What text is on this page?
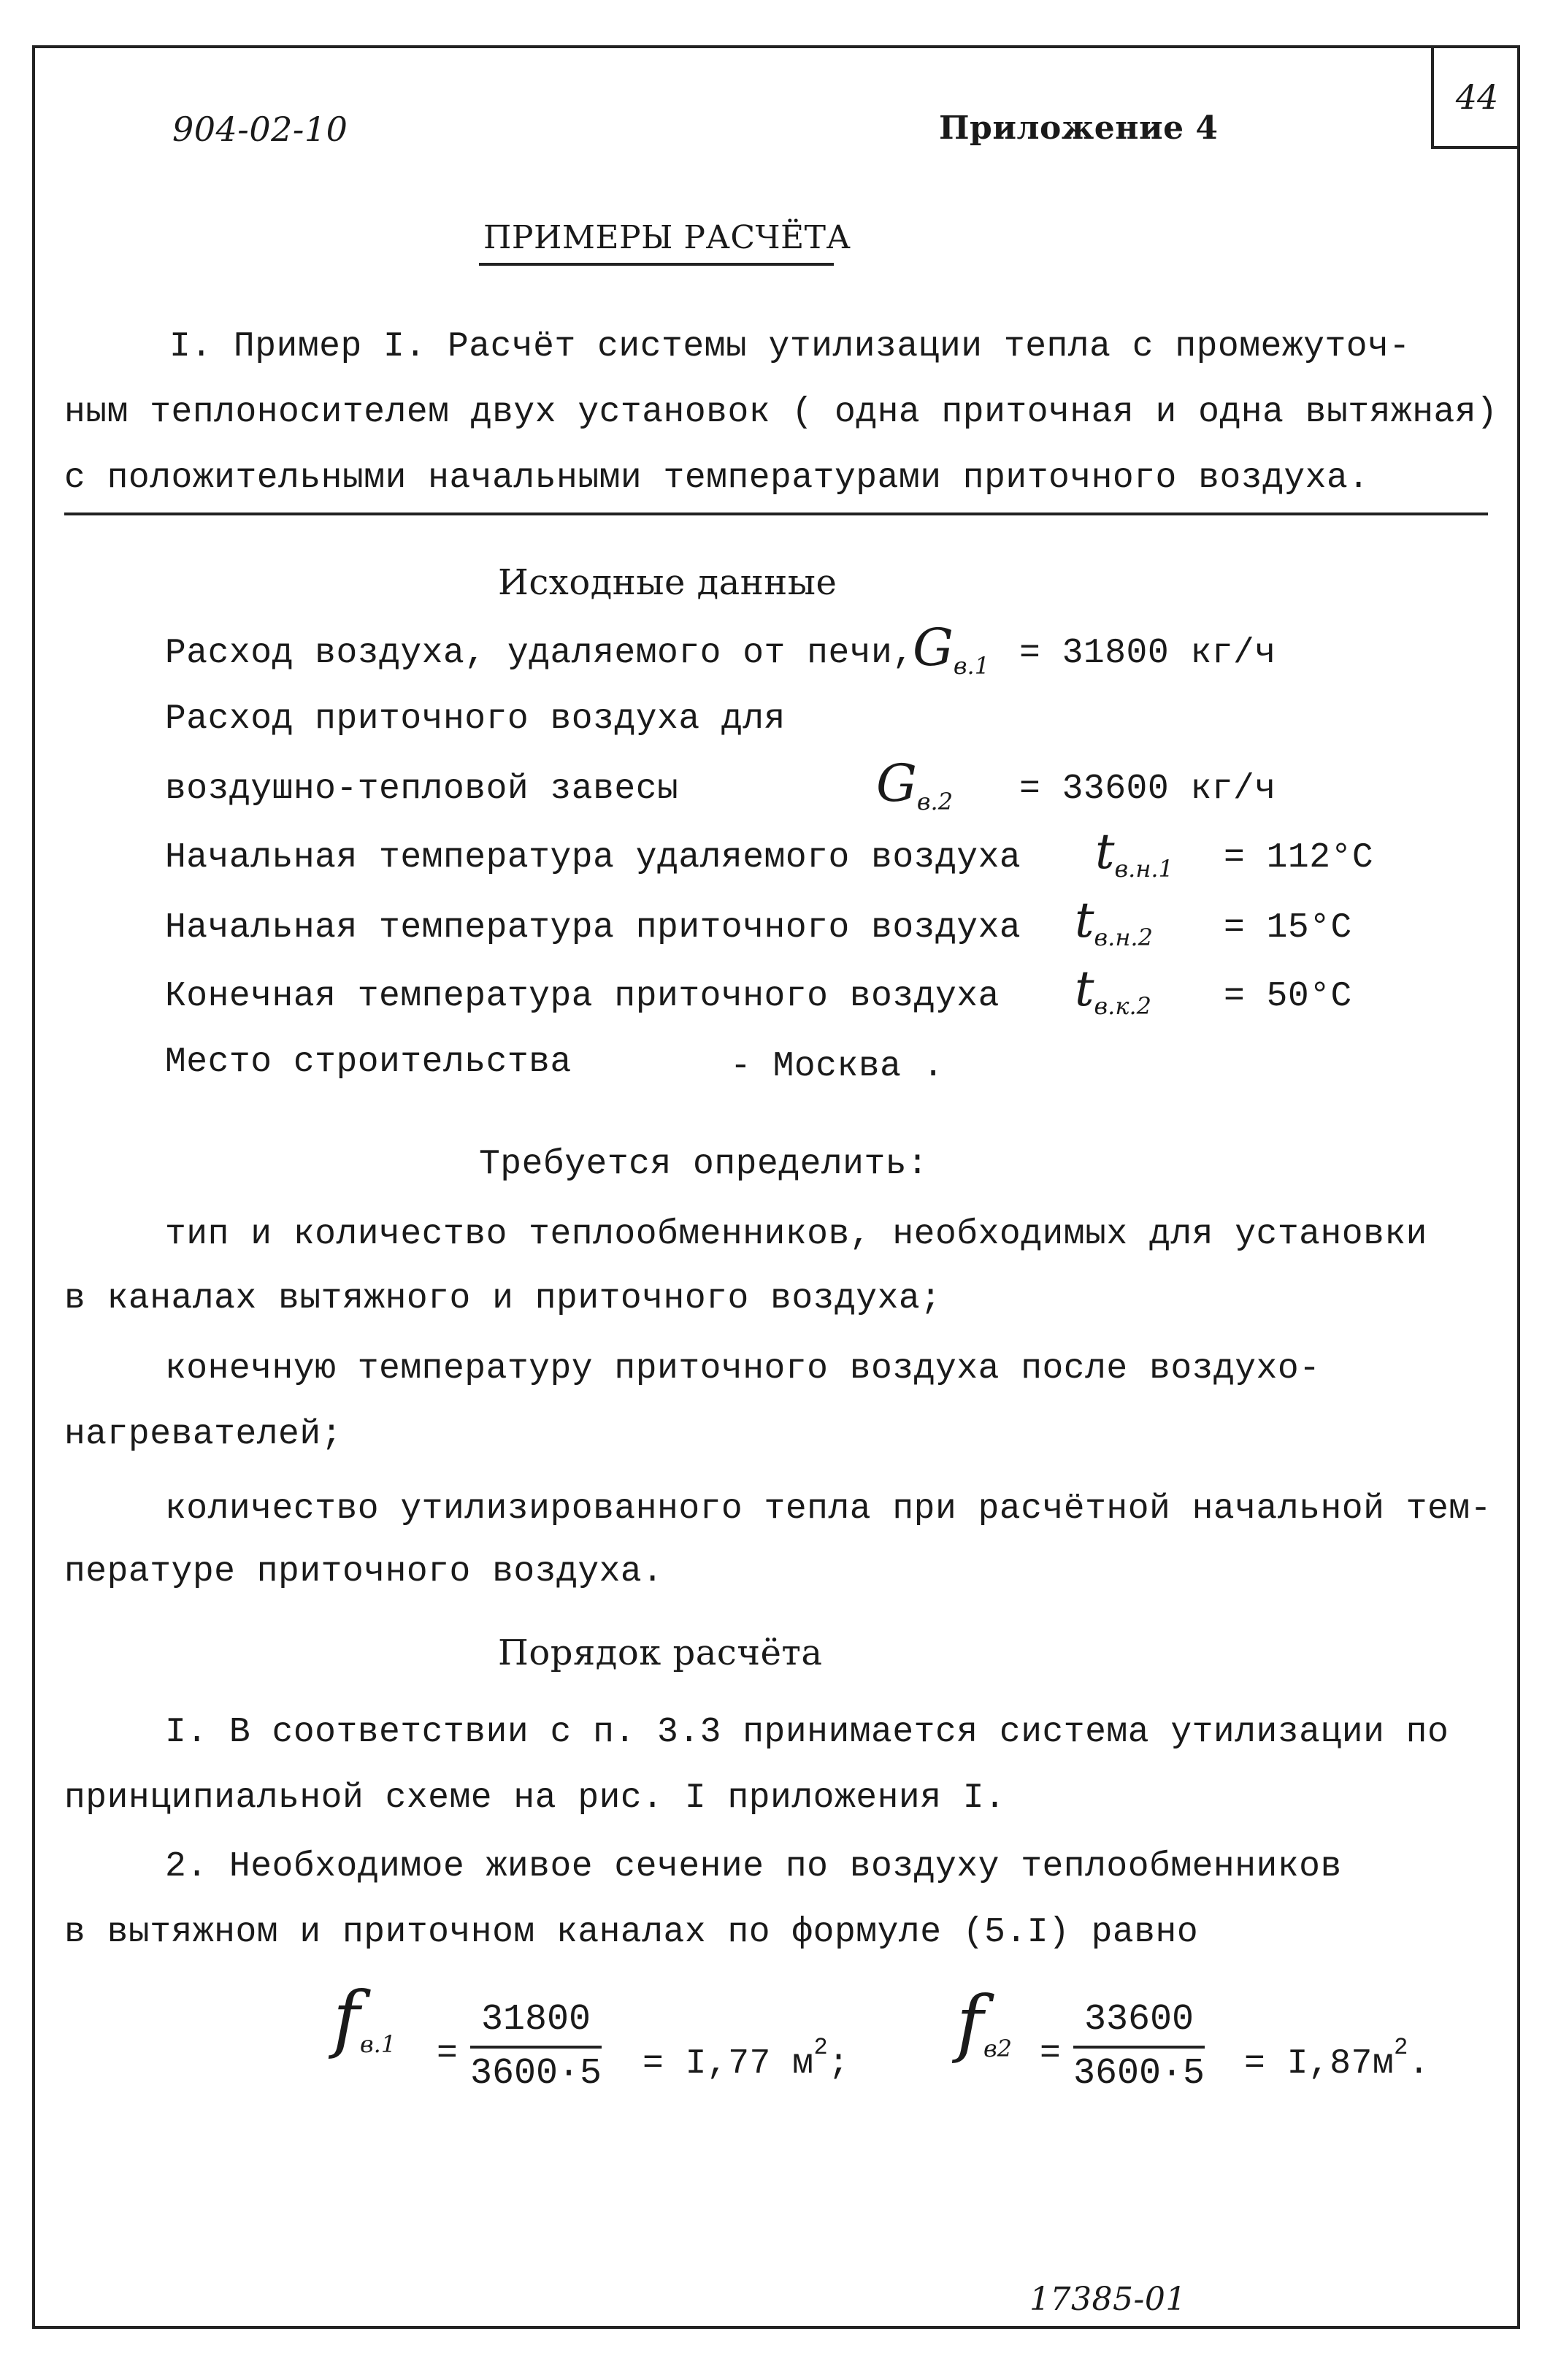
44
904-02-10	Приложение 4
ПРИМЕРЫ РАСЧЁТА
I. Пример I. Расчёт системы утилизации тепла с промежуточ-
ным теплоносителем двух установок ( одна приточная и одна вытяжная)
с положительными начальными температурами приточного воздуха.
Исходные данные
Расход воздуха, удаляемого от печи,
$G_{в.1} = 31800$ кг/ч
Расход приточного воздуха для
воздушно-тепловой завесы	$G_{в.2} = 33600$ кг/ч
Начальная температура удаляемого воздуха $t_{в.н.1} = 112^\circ C$
Начальная температура приточного воздуха $t_{в.н.2} = 15^\circ C$
Конечная температура приточного воздуха $t_{в.к.2} = 50^\circ C$
Место строительства	- Москва .
Требуется определить:
тип и количество теплообменников, необходимых для установки
в каналах вытяжного и приточного воздуха;
конечную температуру приточного воздуха после воздухо-
нагревателей;
количество утилизированного тепла при расчётной начальной тем-
пературе приточного воздуха.
Порядок расчёта
I. В соответствии с п. 3.3 принимается система утилизации по
принципиальной схеме на рис. I приложения I.
2. Необходимое живое сечение по воздуху теплообменников
в вытяжном и приточном каналах по формуле (5.I) равно
$f_{в.1} = \frac{31800}{3600\cdot 5} = I,77$ $м^2$; $f_{в2} = \frac{33600}{3600\cdot 5} = I,87м^2$.
17385-01
